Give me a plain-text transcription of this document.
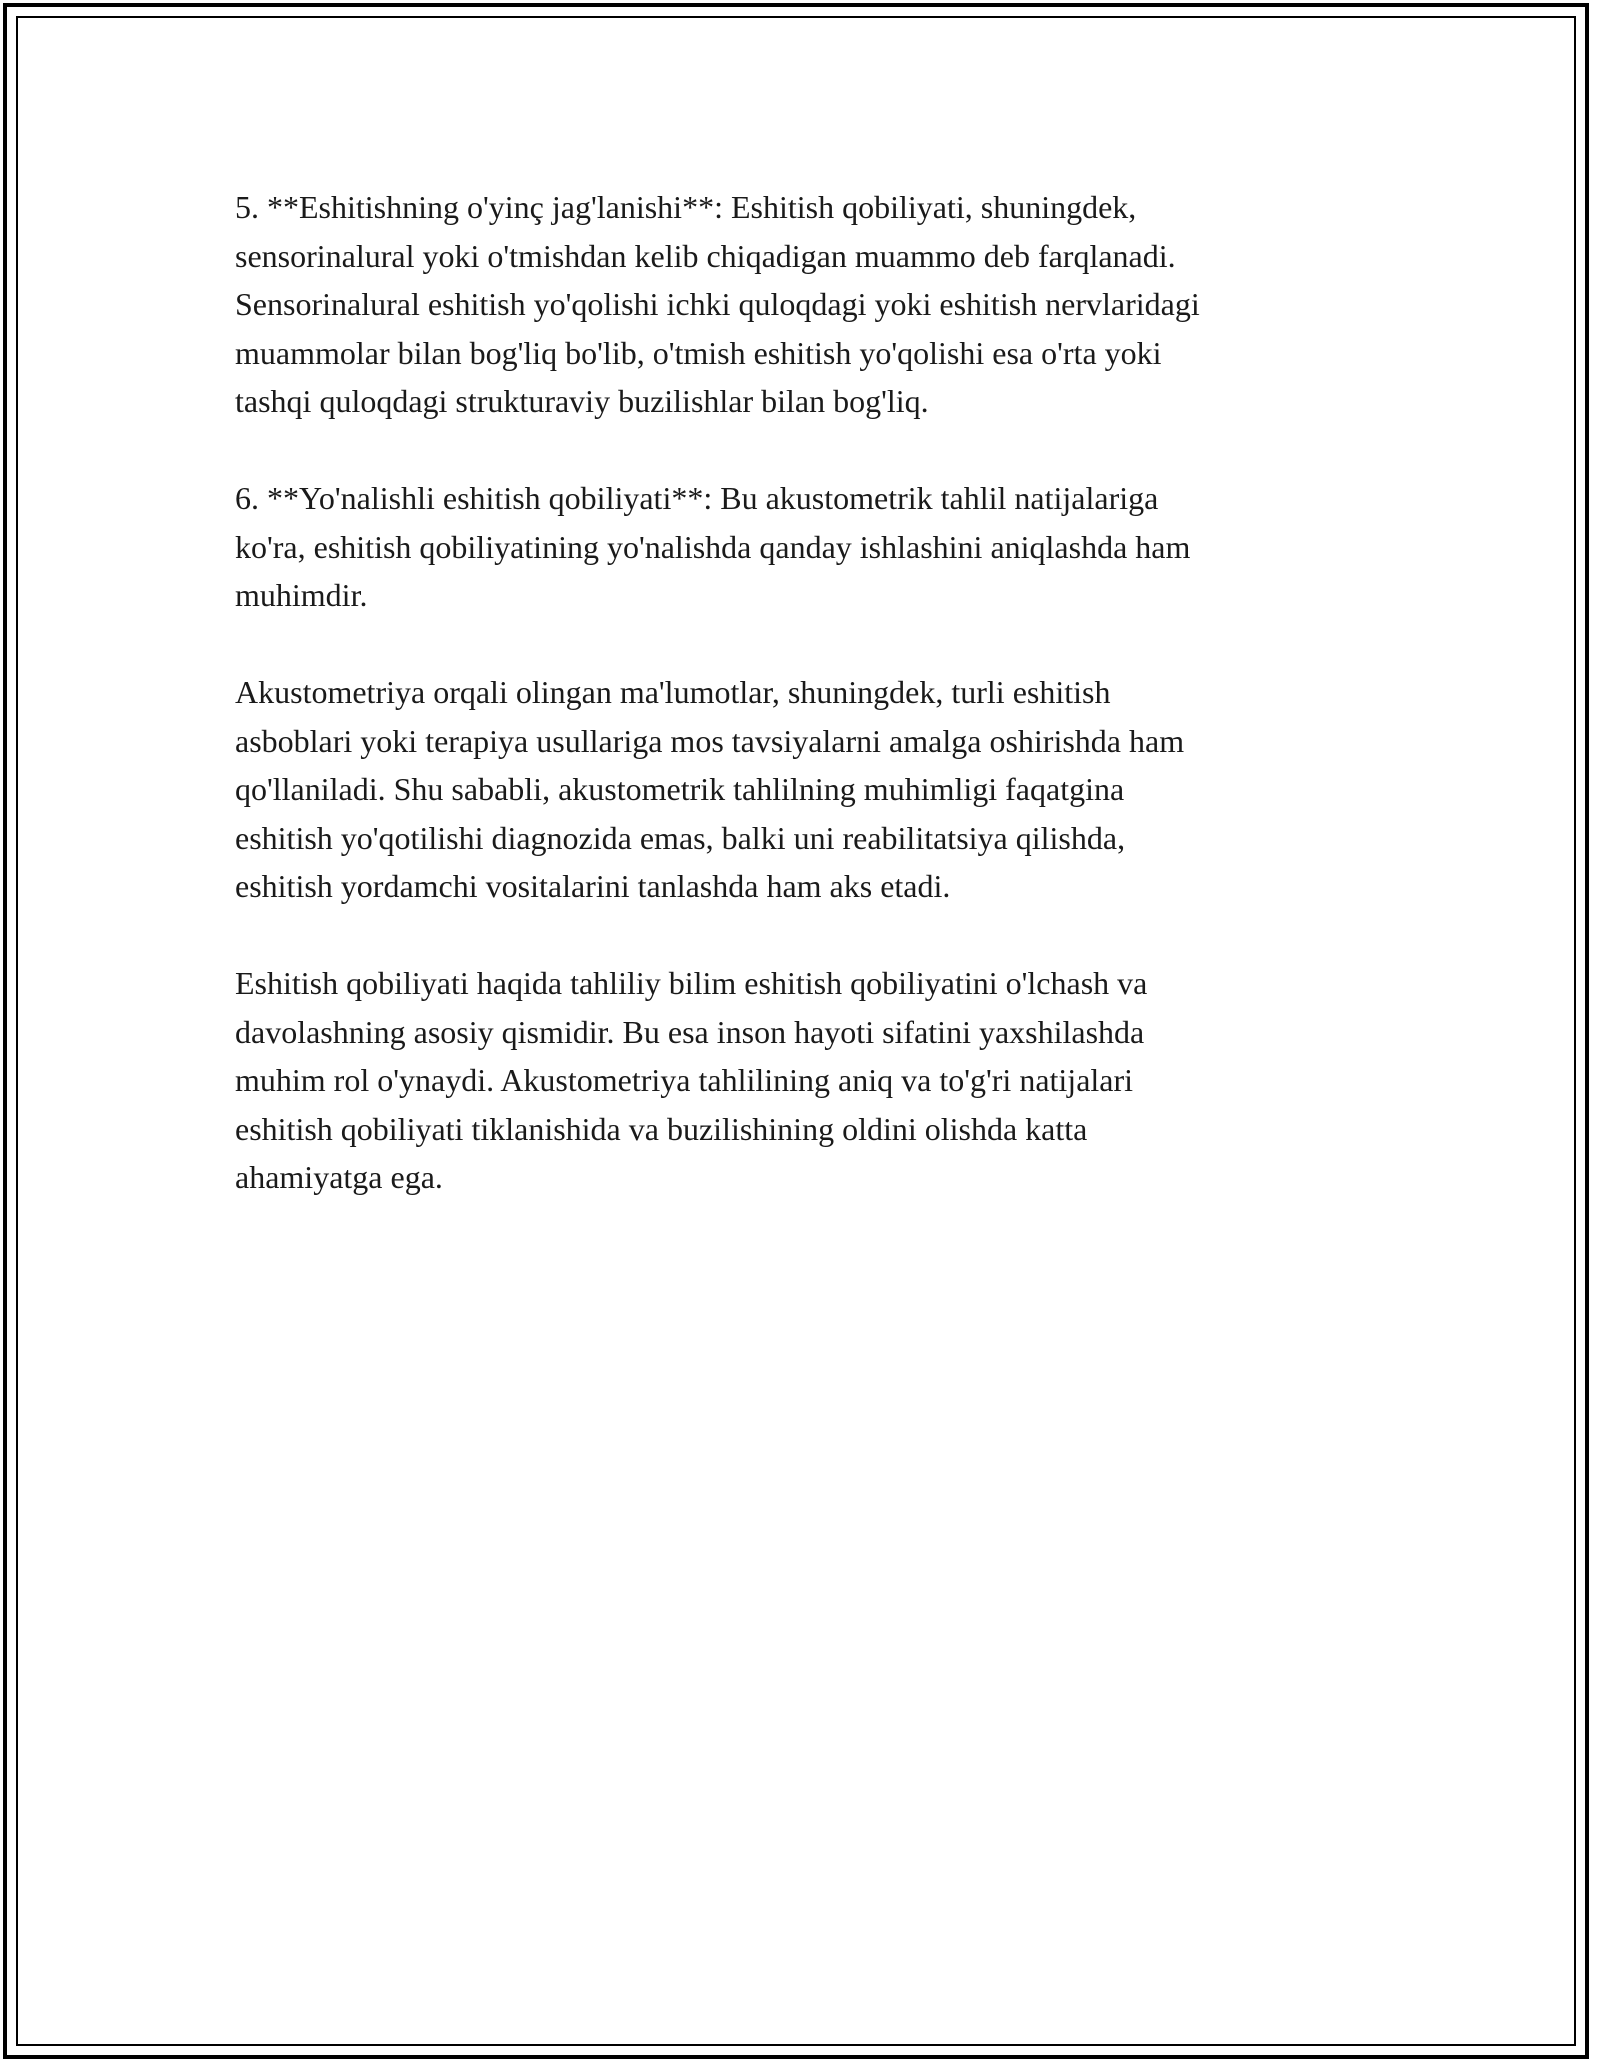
5. **Eshitishning o'yinç jag'lanishi**: Eshitish qobiliyati, shuningdek,
sensorinalural yoki o'tmishdan kelib chiqadigan muammo deb farqlanadi.
Sensorinalural eshitish yo'qolishi ichki quloqdagi yoki eshitish nervlaridagi
muammolar bilan bog'liq bo'lib, o'tmish eshitish yo'qolishi esa o'rta yoki
tashqi quloqdagi strukturaviy buzilishlar bilan bog'liq.

6. **Yo'nalishli eshitish qobiliyati**: Bu akustometrik tahlil natijalariga
ko'ra, eshitish qobiliyatining yo'nalishda qanday ishlashini aniqlashda ham
muhimdir.

Akustometriya orqali olingan ma'lumotlar, shuningdek, turli eshitish
asboblari yoki terapiya usullariga mos tavsiyalarni amalga oshirishda ham
qo'llaniladi. Shu sababli, akustometrik tahlilning muhimligi faqatgina
eshitish yo'qotilishi diagnozida emas, balki uni reabilitatsiya qilishda,
eshitish yordamchi vositalarini tanlashda ham aks etadi.

Eshitish qobiliyati haqida tahliliy bilim eshitish qobiliyatini o'lchash va
davolashning asosiy qismidir. Bu esa inson hayoti sifatini yaxshilashda
muhim rol o'ynaydi. Akustometriya tahlilining aniq va to'g'ri natijalari
eshitish qobiliyati tiklanishida va buzilishining oldini olishda katta
ahamiyatga ega.
